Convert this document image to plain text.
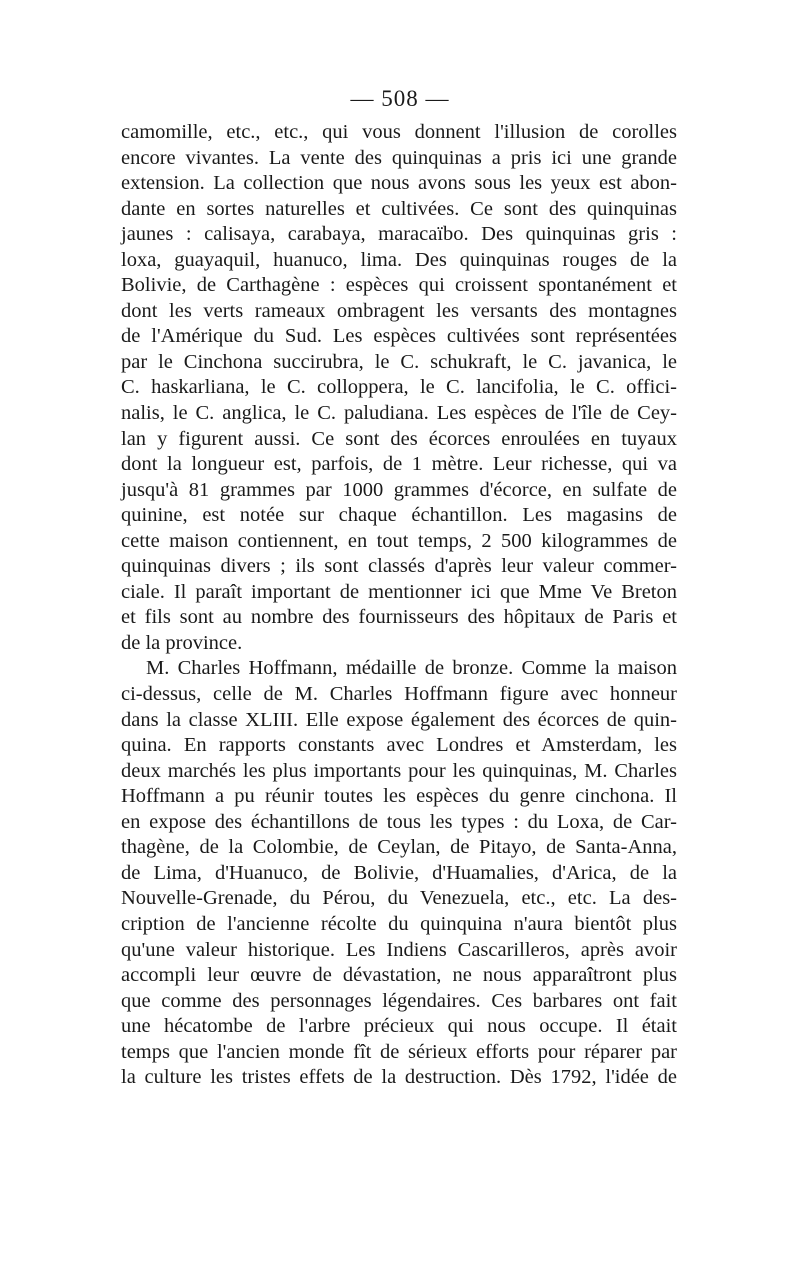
— 508 —
camomille, etc., etc., qui vous donnent l'illusion de corolles
encore vivantes. La vente des quinquinas a pris ici une grande
extension. La collection que nous avons sous les yeux est abon-
dante en sortes naturelles et cultivées. Ce sont des quinquinas
jaunes : calisaya, carabaya, maracaïbo. Des quinquinas gris :
loxa, guayaquil, huanuco, lima. Des quinquinas rouges de la
Bolivie, de Carthagène : espèces qui croissent spontanément et
dont les verts rameaux ombragent les versants des montagnes
de l'Amérique du Sud. Les espèces cultivées sont représentées
par le Cinchona succirubra, le C. schukraft, le C. javanica, le
C. haskarliana, le C. colloppera, le C. lancifolia, le C. offici-
nalis, le C. anglica, le C. paludiana. Les espèces de l'île de Cey-
lan y figurent aussi. Ce sont des écorces enroulées en tuyaux
dont la longueur est, parfois, de 1 mètre. Leur richesse, qui va
jusqu'à 81 grammes par 1000 grammes d'écorce, en sulfate de
quinine, est notée sur chaque échantillon. Les magasins de
cette maison contiennent, en tout temps, 2 500 kilogrammes de
quinquinas divers ; ils sont classés d'après leur valeur commer-
ciale. Il paraît important de mentionner ici que Mme Ve Breton
et fils sont au nombre des fournisseurs des hôpitaux de Paris et
de la province.
M. Charles Hoffmann, médaille de bronze. Comme la maison
ci-dessus, celle de M. Charles Hoffmann figure avec honneur
dans la classe XLIII. Elle expose également des écorces de quin-
quina. En rapports constants avec Londres et Amsterdam, les
deux marchés les plus importants pour les quinquinas, M. Charles
Hoffmann a pu réunir toutes les espèces du genre cinchona. Il
en expose des échantillons de tous les types : du Loxa, de Car-
thagène, de la Colombie, de Ceylan, de Pitayo, de Santa-Anna,
de Lima, d'Huanuco, de Bolivie, d'Huamalies, d'Arica, de la
Nouvelle-Grenade, du Pérou, du Venezuela, etc., etc. La des-
cription de l'ancienne récolte du quinquina n'aura bientôt plus
qu'une valeur historique. Les Indiens Cascarilleros, après avoir
accompli leur œuvre de dévastation, ne nous apparaîtront plus
que comme des personnages légendaires. Ces barbares ont fait
une hécatombe de l'arbre précieux qui nous occupe. Il était
temps que l'ancien monde fît de sérieux efforts pour réparer par
la culture les tristes effets de la destruction. Dès 1792, l'idée de
